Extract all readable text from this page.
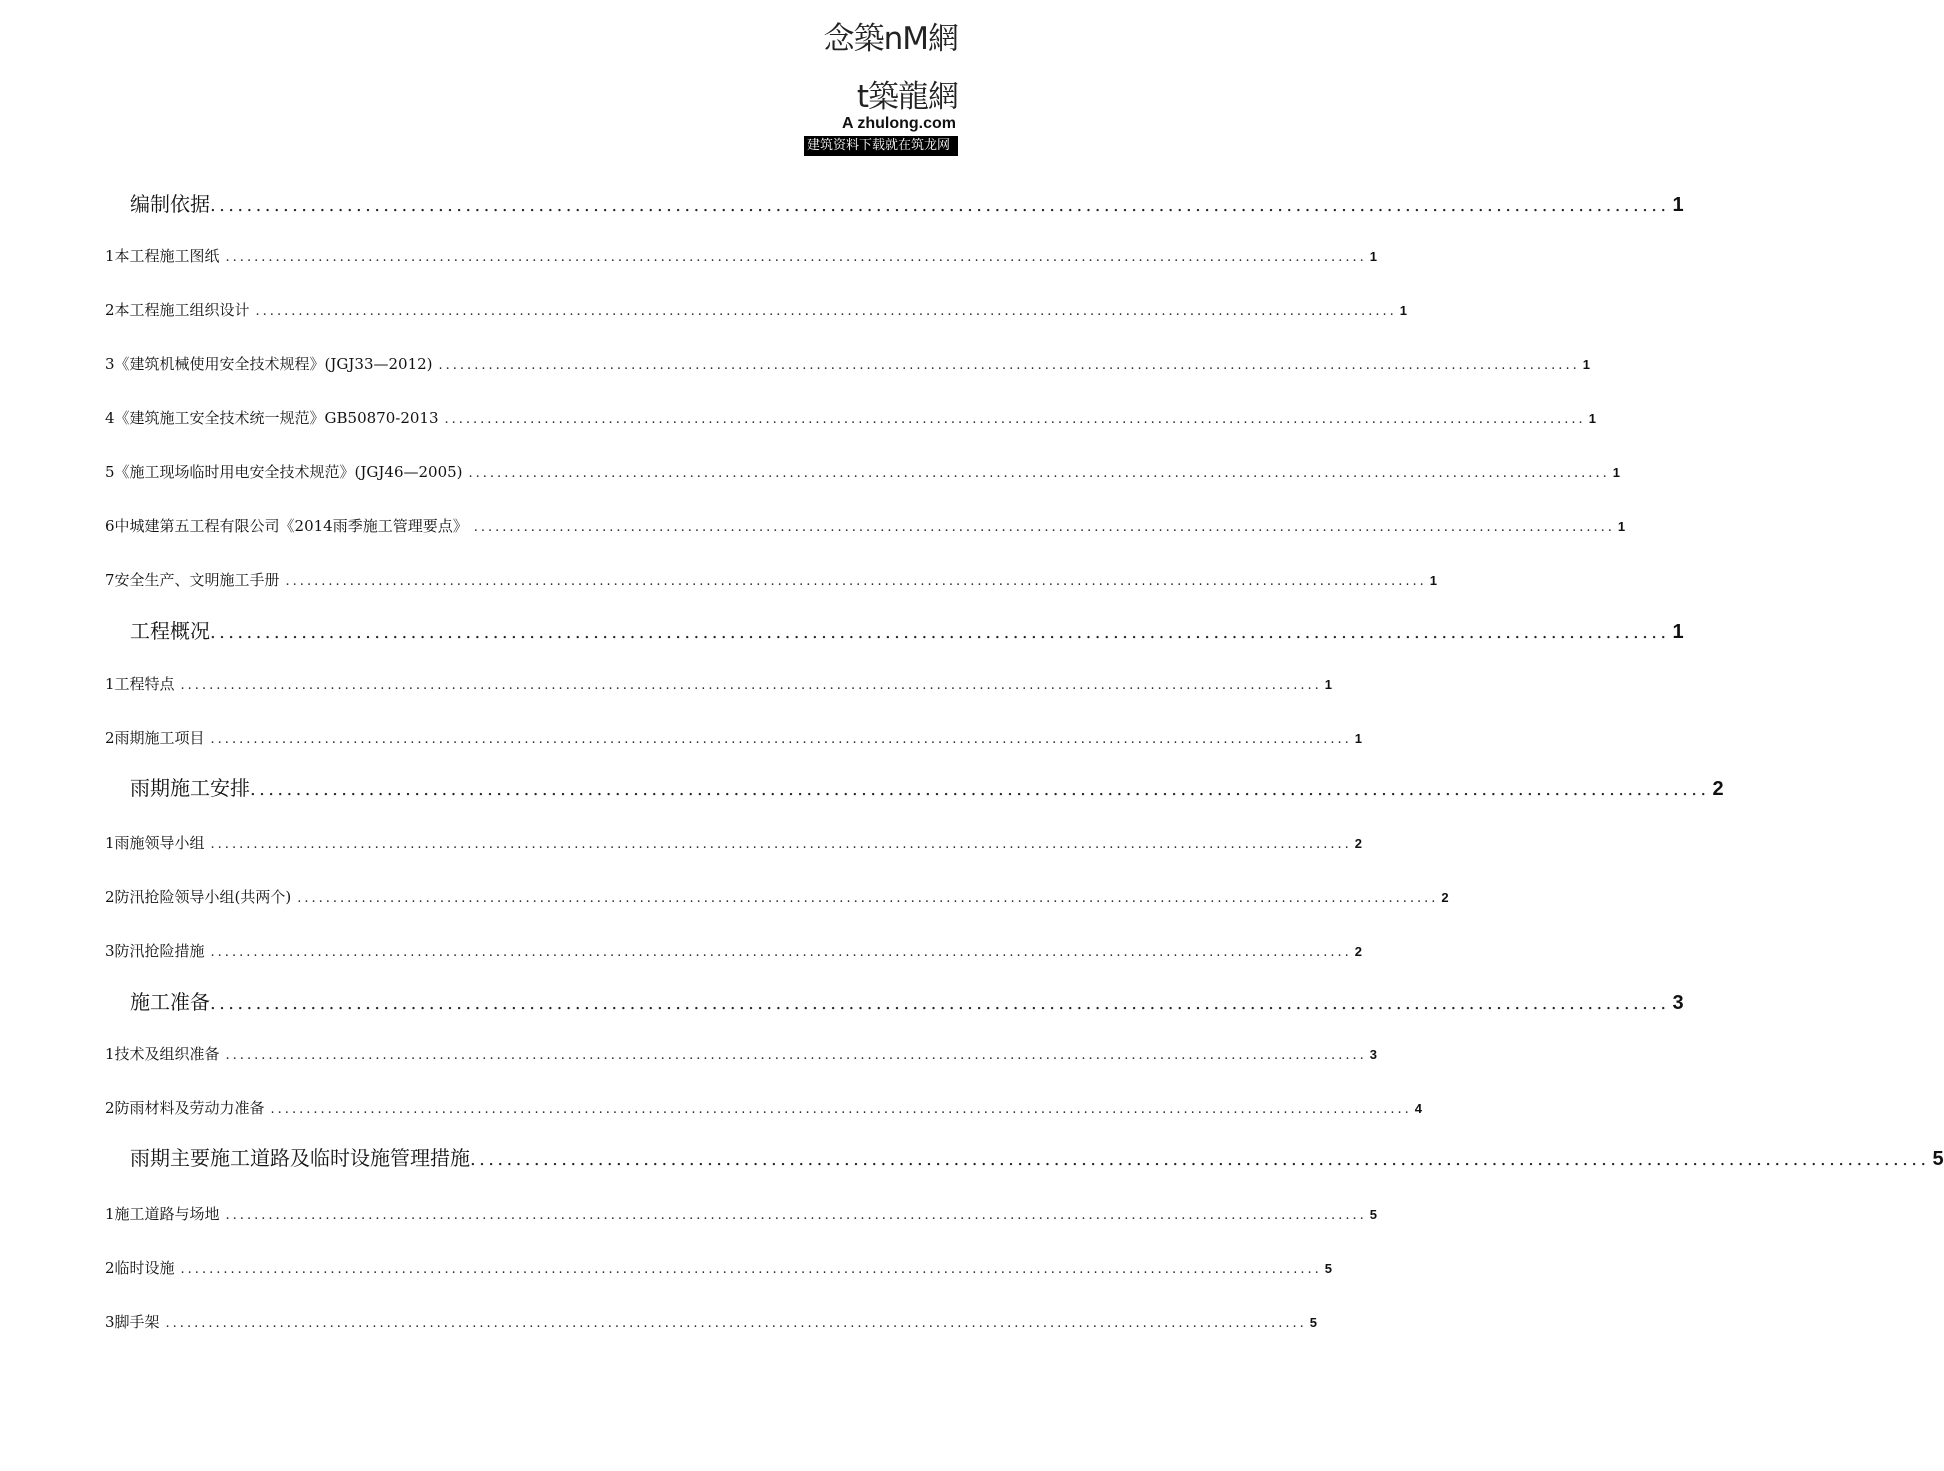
念築nM網
t築龍網
A zhulong.com
建筑资料下载就在筑龙网
编制依据 ................................................................................................................................................................ 1
1本工程施工图纸 ................................................................................................................................................................ 1
2本工程施工组织设计 ................................................................................................................................................................ 1
3《建筑机械使用安全技术规程》(JGJ33—2012) ................................................................................................................................................................ 1
4《建筑施工安全技术统一规范》GB50870-2013 ................................................................................................................................................................ 1
5《施工现场临时用电安全技术规范》(JGJ46—2005) ................................................................................................................................................................ 1
6中城建第五工程有限公司《2014雨季施工管理要点》 ................................................................................................................................................................ 1
7安全生产、文明施工手册 ................................................................................................................................................................ 1
工程概况 ................................................................................................................................................................ 1
1工程特点 ................................................................................................................................................................ 1
2雨期施工项目 ................................................................................................................................................................ 1
雨期施工安排 ................................................................................................................................................................ 2
1雨施领导小组 ................................................................................................................................................................ 2
2防汛抢险领导小组(共两个) ................................................................................................................................................................ 2
3防汛抢险措施 ................................................................................................................................................................ 2
施工准备 ................................................................................................................................................................ 3
1技术及组织准备 ................................................................................................................................................................ 3
2防雨材料及劳动力准备 ................................................................................................................................................................ 4
雨期主要施工道路及临时设施管理措施 ................................................................................................................................................................ 5
1施工道路与场地 ................................................................................................................................................................ 5
2临时设施 ................................................................................................................................................................ 5
3脚手架 ................................................................................................................................................................ 5
